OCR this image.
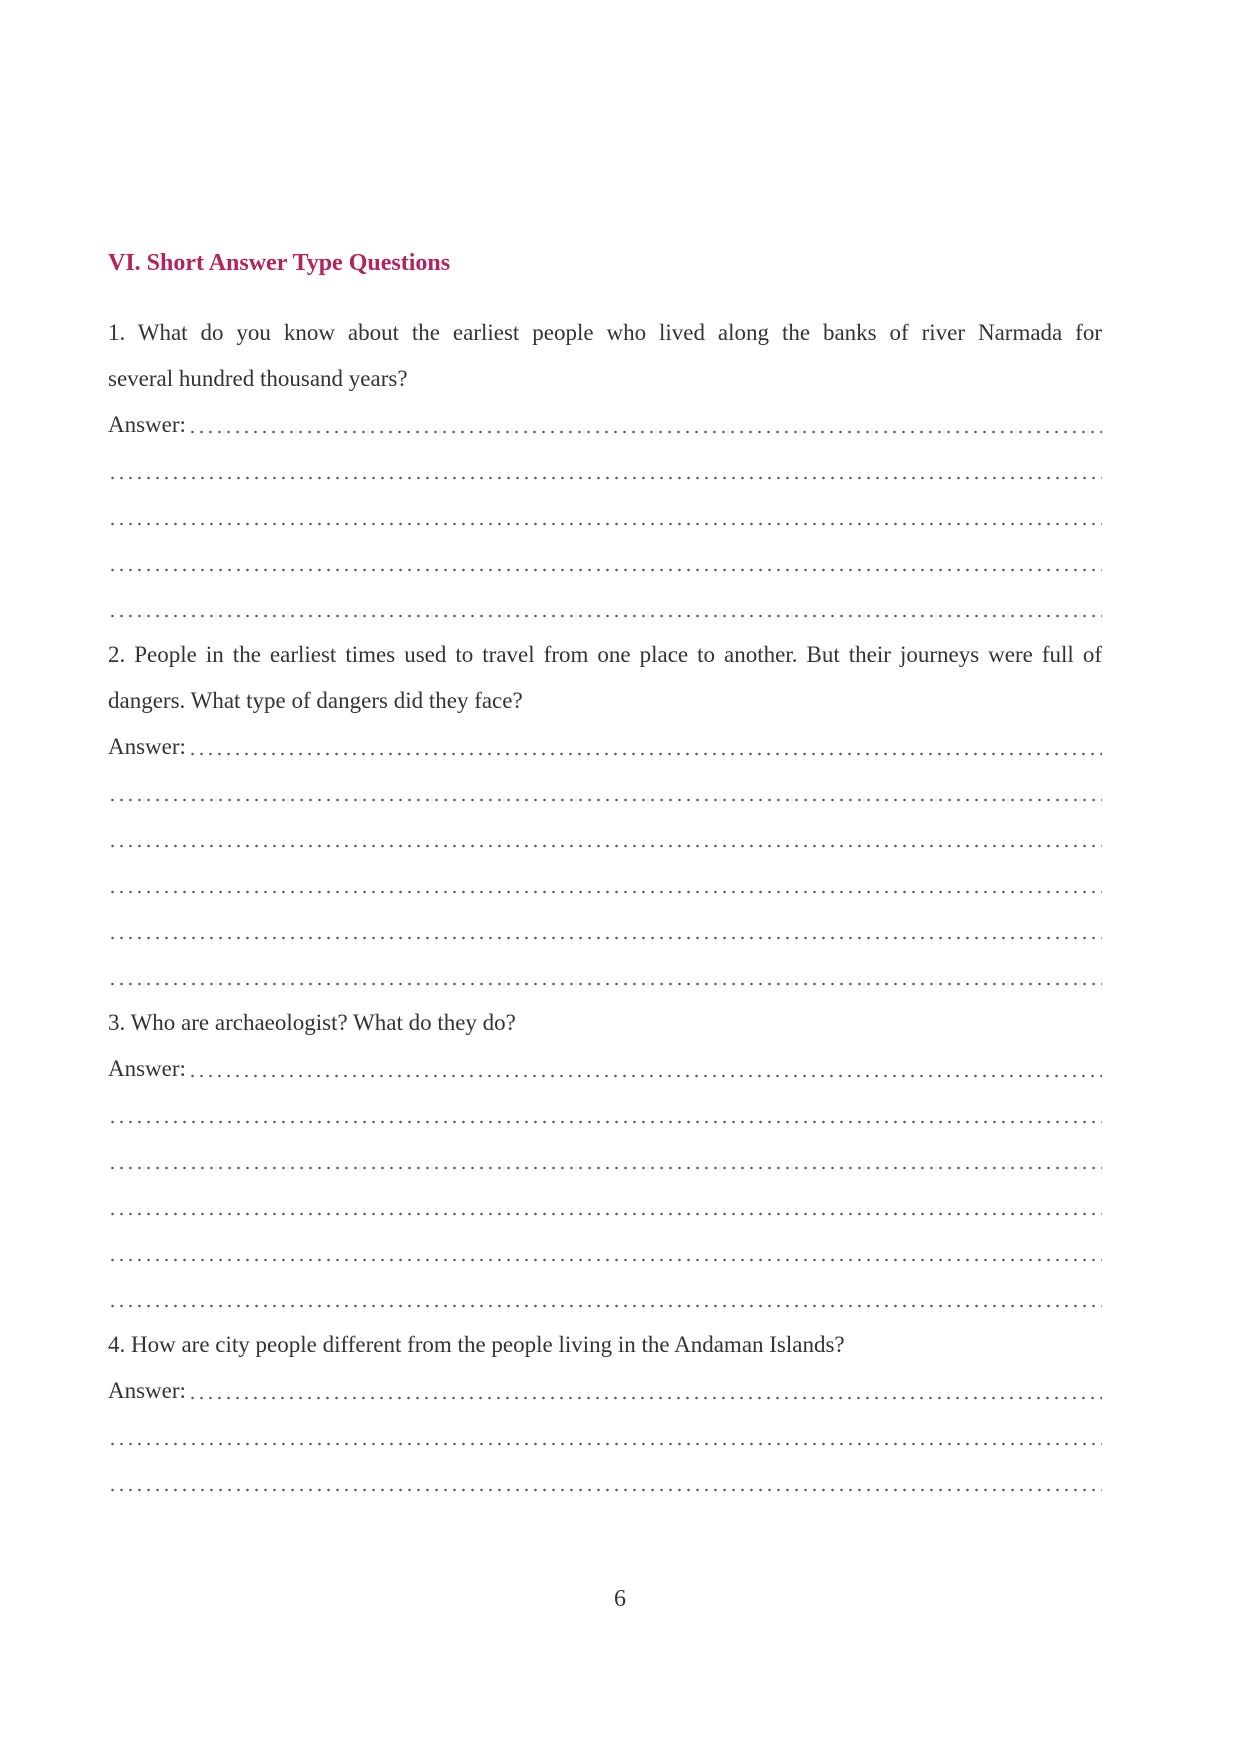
VI. Short Answer Type Questions
1. What do you know about the earliest people who lived along the banks of river Narmada for
several hundred thousand years?
Answer:
2. People in the earliest times used to travel from one place to another. But their journeys were full of
dangers. What type of dangers did they face?
Answer:
3. Who are archaeologist? What do they do?
Answer:
4. How are city people different from the people living in the Andaman Islands?
Answer:
6
